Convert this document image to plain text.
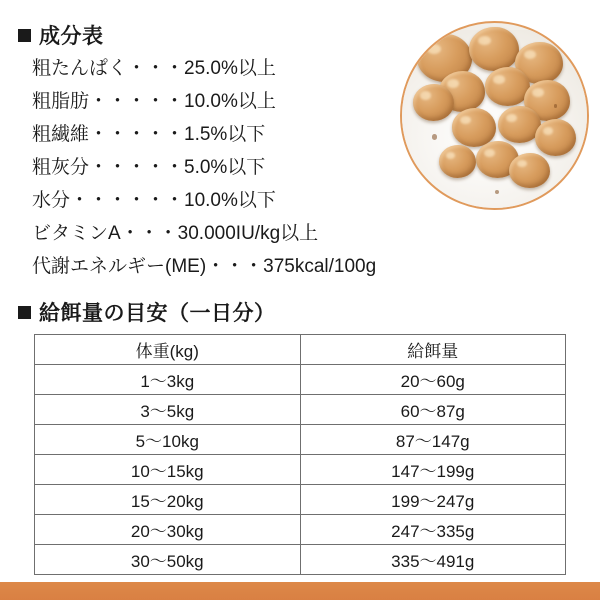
成分表
粗たんぱく・・・25.0%以上
粗脂肪・・・・・10.0%以上
粗繊維・・・・・1.5%以下
粗灰分・・・・・5.0%以下
水分・・・・・・10.0%以下
ビタミンA・・・30.000IU/kg以上
代謝エネルギー(ME)・・・375kcal/100g
給餌量の目安（一日分）
体重(kg)	給餌量
1〜3kg	20〜60g
3〜5kg	60〜87g
5〜10kg	87〜147g
10〜15kg	147〜199g
15〜20kg	199〜247g
20〜30kg	247〜335g
30〜50kg	335〜491g
